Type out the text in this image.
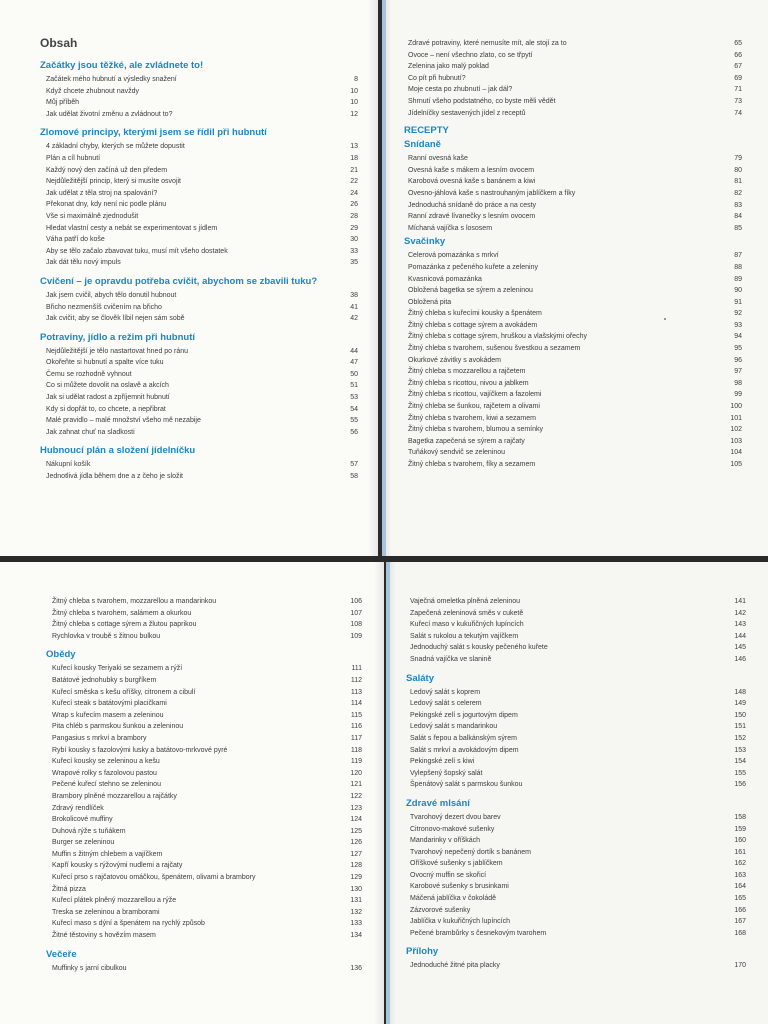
Obsah
Začátky jsou těžké, ale zvládnete to!
Začátek mého hubnutí a výsledky snažení	8
Když chcete zhubnout navždy	10
Můj příběh	10
Jak udělat životní změnu a zvládnout to?	12
Zlomové principy, kterými jsem se řídil při hubnutí
4 základní chyby, kterých se můžete dopustit	13
Plán a cíl hubnutí	18
Každý nový den začíná už den předem	21
Nejdůležitější princip, který si musíte osvojit	22
Jak udělat z těla stroj na spalování?	24
Překonat dny, kdy není nic podle plánu	26
Vše si maximálně zjednodušit	28
Hledat vlastní cesty a nebát se experimentovat s jídlem	29
Váha patří do koše	30
Aby se tělo začalo zbavovat tuku, musí mít všeho dostatek	33
Jak dát tělu nový impuls	35
Cvičení – je opravdu potřeba cvičit, abychom se zbavili tuku?
Jak jsem cvičil, abych tělo donutil hubnout	38
Břicho nezmenšíš cvičením na břicho	41
Jak cvičit, aby se člověk líbil nejen sám sobě	42
Potraviny, jídlo a režim při hubnutí
Nejdůležitější je tělo nastartovat hned po ránu	44
Okořeňte si hubnutí a spalte více tuku	47
Čemu se rozhodně vyhnout	50
Co si můžete dovolit na oslavě a akcích	51
Jak si udělat radost a zpříjemnit hubnutí	53
Kdy si dopřát to, co chcete, a nepřibrat	54
Malé pravidlo – malé množství všeho mě nezabije	55
Jak zahnat chuť na sladkosti	56
Hubnoucí plán a složení jídelníčku
Nákupní košík	57
Jednotlivá jídla během dne a z čeho je složit	58
Zdravé potraviny, které nemusíte mít, ale stojí za to	65
Ovoce – není všechno zlato, co se třpytí	66
Zelenina jako malý poklad	67
Co pít při hubnutí?	69
Moje cesta po zhubnutí – jak dál?	71
Shrnutí všeho podstatného, co byste měli vědět	73
Jídelníčky sestavených jídel z receptů	74
RECEPTY
Snídaně
Ranní ovesná kaše	79
Ovesná kaše s mákem a lesním ovocem	80
Karobová ovesná kaše s banánem a kiwi	81
Ovesno-jáhlová kaše s nastrouhaným jablíčkem a fíky	82
Jednoduchá snídaně do práce a na cesty	83
Ranní zdravé lívanečky s lesním ovocem	84
Míchaná vajíčka s lososem	85
Svačinky
Celerová pomazánka s mrkví	87
Pomazánka z pečeného kuřete a zeleniny	88
Kvasnicová pomazánka	89
Obložená bagetka se sýrem a zeleninou	90
Obložená pita	91
Žitný chleba s kuřecími kousky a špenátem	92
Žitný chleba s cottage sýrem a avokádem	93
Žitný chleba s cottage sýrem, hruškou a vlašskými ořechy	94
Žitný chleba s tvarohem, sušenou švestkou a sezamem	95
Okurkové závitky s avokádem	96
Žitný chleba s mozzarellou a rajčetem	97
Žitný chleba s ricottou, nivou a jablkem	98
Žitný chleba s ricottou, vajíčkem a fazolemi	99
Žitný chleba se šunkou, rajčetem a olivami	100
Žitný chleba s tvarohem, kiwi a sezamem	101
Žitný chleba s tvarohem, blumou a semínky	102
Bagetka zapečená se sýrem a rajčaty	103
Tuňákový sendvič se zeleninou	104
Žitný chleba s tvarohem, fíky a sezamem	105
Žitný chleba s tvarohem, mozzarellou a mandarinkou	106
Žitný chleba s tvarohem, salámem a okurkou	107
Žitný chleba s cottage sýrem a žlutou paprikou	108
Rychlovka v troubě s žitnou bulkou	109
Obědy
Kuřecí kousky Teriyaki se sezamem a rýží	111
Batátové jednohubky s burgříkem	112
Kuřecí směska s kešu oříšky, citronem a cibulí	113
Kuřecí steak s batátovými placičkami	114
Wrap s kuřecím masem a zeleninou	115
Pita chléb s parmskou šunkou a zeleninou	116
Pangasius s mrkví a brambory	117
Rybí kousky s fazolovými lusky a batátovo-mrkvové pyré	118
Kuřecí kousky se zeleninou a kešu	119
Wrapové rolky s fazolovou pastou	120
Pečené kuřecí stehno se zeleninou	121
Brambory plněné mozzarellou a rajčátky	122
Zdravý rendlíček	123
Brokolicové muffiny	124
Duhová rýže s tuňákem	125
Burger se zeleninou	126
Muffin s žitným chlebem a vajíčkem	127
Kapří kousky s rýžovými nudlemi a rajčaty	128
Kuřecí prso s rajčatovou omáčkou, špenátem, olivami a brambory	129
Žitná pizza	130
Kuřecí plátek plněný mozzarellou a rýže	131
Treska se zeleninou a bramborami	132
Kuřecí maso s dýní a špenátem na rychlý způsob	133
Žitné těstoviny s hovězím masem	134
Večeře
Muffinky s jarní cibulkou	136
Vaječná omeletka plněná zeleninou	141
Zapečená zeleninová směs v cuketě	142
Kuřecí maso v kukuřičných lupíncích	143
Salát s rukolou a tekutým vajíčkem	144
Jednoduchý salát s kousky pečeného kuřete	145
Snadná vajíčka ve slanině	146
Saláty
Ledový salát s koprem	148
Ledový salát s celerem	149
Pekingské zelí s jogurtovým dipem	150
Ledový salát s mandarinkou	151
Salát s řepou a balkánským sýrem	152
Salát s mrkví a avokádovým dipem	153
Pekingské zelí s kiwi	154
Vylepšený šopský salát	155
Špenátový salát s parmskou šunkou	156
Zdravé mlsání
Tvarohový dezert dvou barev	158
Citronovo-makové sušenky	159
Mandarinky v oříškách	160
Tvarohový nepečený dortík s banánem	161
Oříškové sušenky s jablíčkem	162
Ovocný muffin se skořicí	163
Karobové sušenky s brusinkami	164
Máčená jablíčka v čokoládě	165
Zázvorové sušenky	166
Jablíčka v kukuřičných lupíncích	167
Pečené brambůrky s česnekovým tvarohem	168
Přílohy
Jednoduché žitné pita placky	170
